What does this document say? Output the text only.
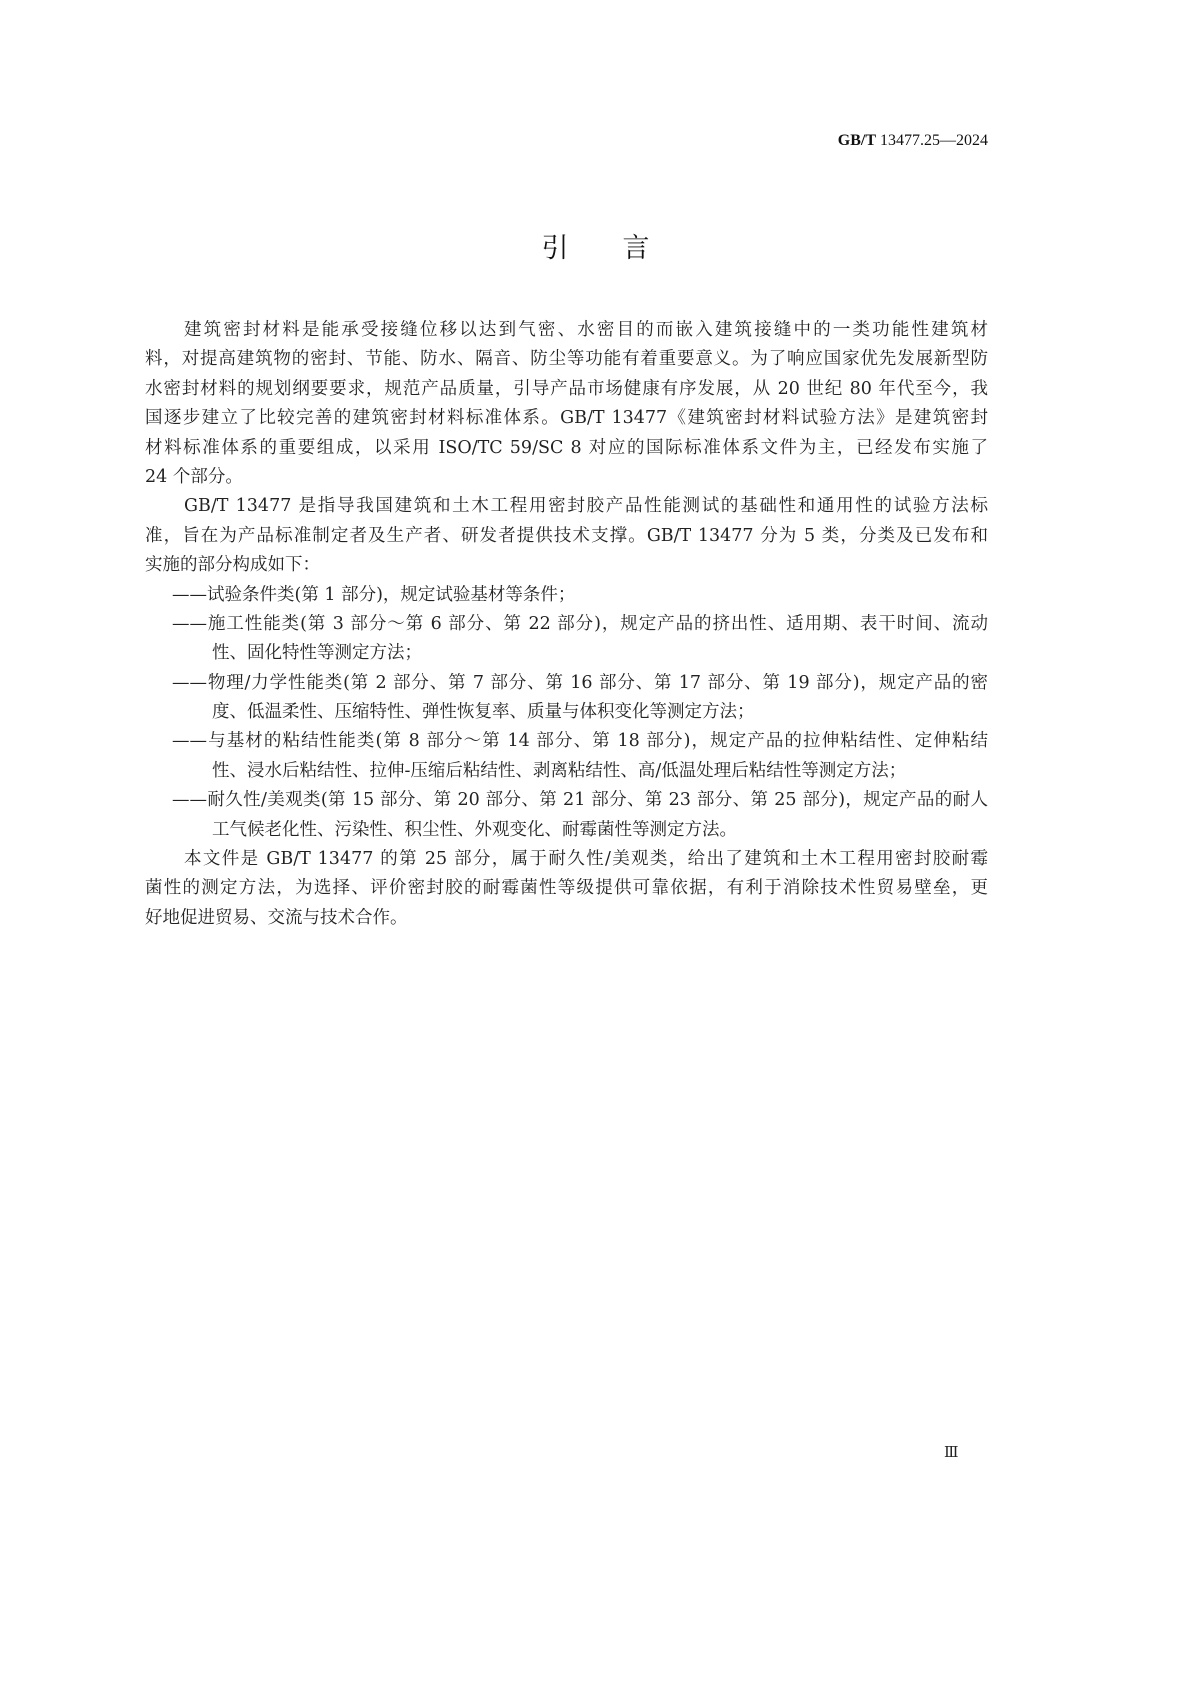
GB/T 13477.25—2024
引言
建筑密封材料是能承受接缝位移以达到气密、水密目的而嵌入建筑接缝中的一类功能性建筑材
料，对提高建筑物的密封、节能、防水、隔音、防尘等功能有着重要意义。为了响应国家优先发展新型防
水密封材料的规划纲要要求，规范产品质量，引导产品市场健康有序发展，从 20 世纪 80 年代至今，我
国逐步建立了比较完善的建筑密封材料标准体系。GB/T 13477《建筑密封材料试验方法》是建筑密封
材料标准体系的重要组成，以采用 ISO/TC 59/SC 8 对应的国际标准体系文件为主，已经发布实施了
24 个部分。
GB/T 13477 是指导我国建筑和土木工程用密封胶产品性能测试的基础性和通用性的试验方法标
准，旨在为产品标准制定者及生产者、研发者提供技术支撑。GB/T 13477 分为 5 类，分类及已发布和
实施的部分构成如下：
——试验条件类(第 1 部分)，规定试验基材等条件；
——施工性能类(第 3 部分～第 6 部分、第 22 部分)，规定产品的挤出性、适用期、表干时间、流动
性、固化特性等测定方法；
——物理/力学性能类(第 2 部分、第 7 部分、第 16 部分、第 17 部分、第 19 部分)，规定产品的密
度、低温柔性、压缩特性、弹性恢复率、质量与体积变化等测定方法；
——与基材的粘结性能类(第 8 部分～第 14 部分、第 18 部分)，规定产品的拉伸粘结性、定伸粘结
性、浸水后粘结性、拉伸-压缩后粘结性、剥离粘结性、高/低温处理后粘结性等测定方法；
——耐久性/美观类(第 15 部分、第 20 部分、第 21 部分、第 23 部分、第 25 部分)，规定产品的耐人
工气候老化性、污染性、积尘性、外观变化、耐霉菌性等测定方法。
本文件是 GB/T 13477 的第 25 部分，属于耐久性/美观类，给出了建筑和土木工程用密封胶耐霉
菌性的测定方法，为选择、评价密封胶的耐霉菌性等级提供可靠依据，有利于消除技术性贸易壁垒，更
好地促进贸易、交流与技术合作。
Ⅲ
